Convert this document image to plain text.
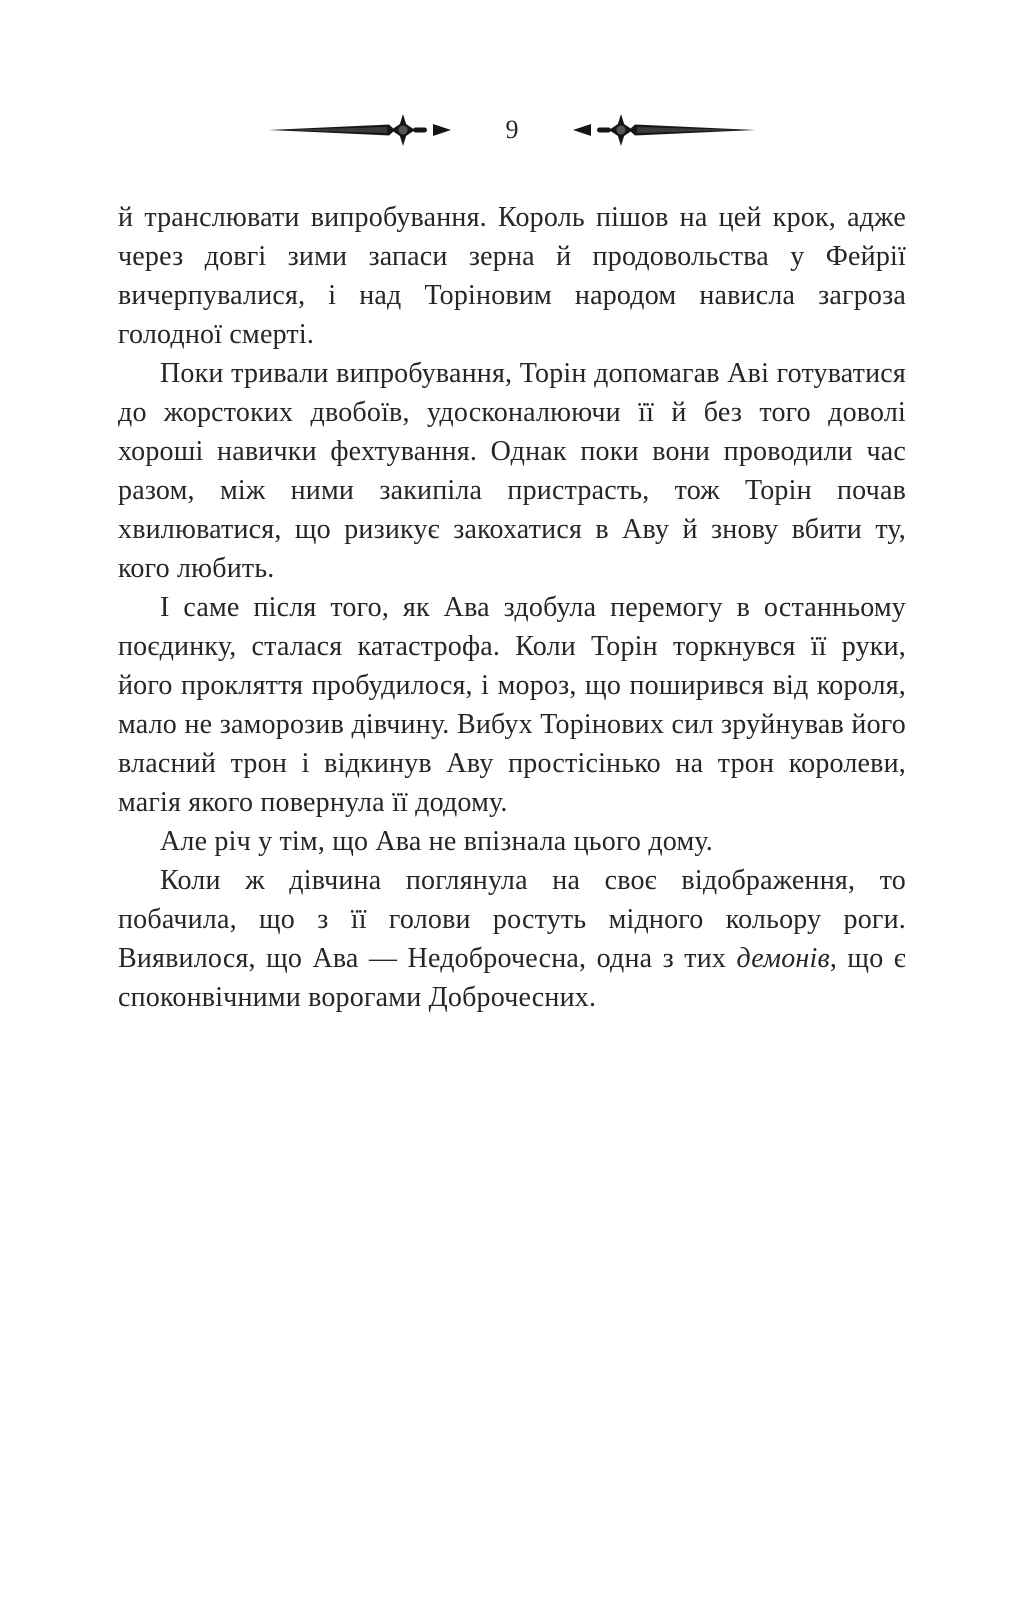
9

й транслювати випробування. Король пішов на цей крок, адже через довгі зими запаси зерна й продовольства у Фейрії вичерпувалися, і над Торіновим народом нависла загроза голодної смерті.

Поки тривали випробування, Торін допомагав Аві готуватися до жорстоких двобоїв, удосконалюючи її й без того доволі хороші навички фехтування. Однак поки вони проводили час разом, між ними закипіла пристрасть, тож Торін почав хвилюватися, що ризикує закохатися в Аву й знову вбити ту, кого любить.

І саме після того, як Ава здобула перемогу в останньому поєдинку, сталася катастрофа. Коли Торін торкнувся її руки, його прокляття пробудилося, і мороз, що поширився від короля, мало не заморозив дівчину. Вибух Торінових сил зруйнував його власний трон і відкинув Аву простісінько на трон королеви, магія якого повернула її додому.

Але річ у тім, що Ава не впізнала цього дому.

Коли ж дівчина поглянула на своє відображення, то побачила, що з її голови ростуть мідного кольору роги. Виявилося, що Ава — Недоброчесна, одна з тих демонів, що є споконвічними ворогами Доброчесних.
